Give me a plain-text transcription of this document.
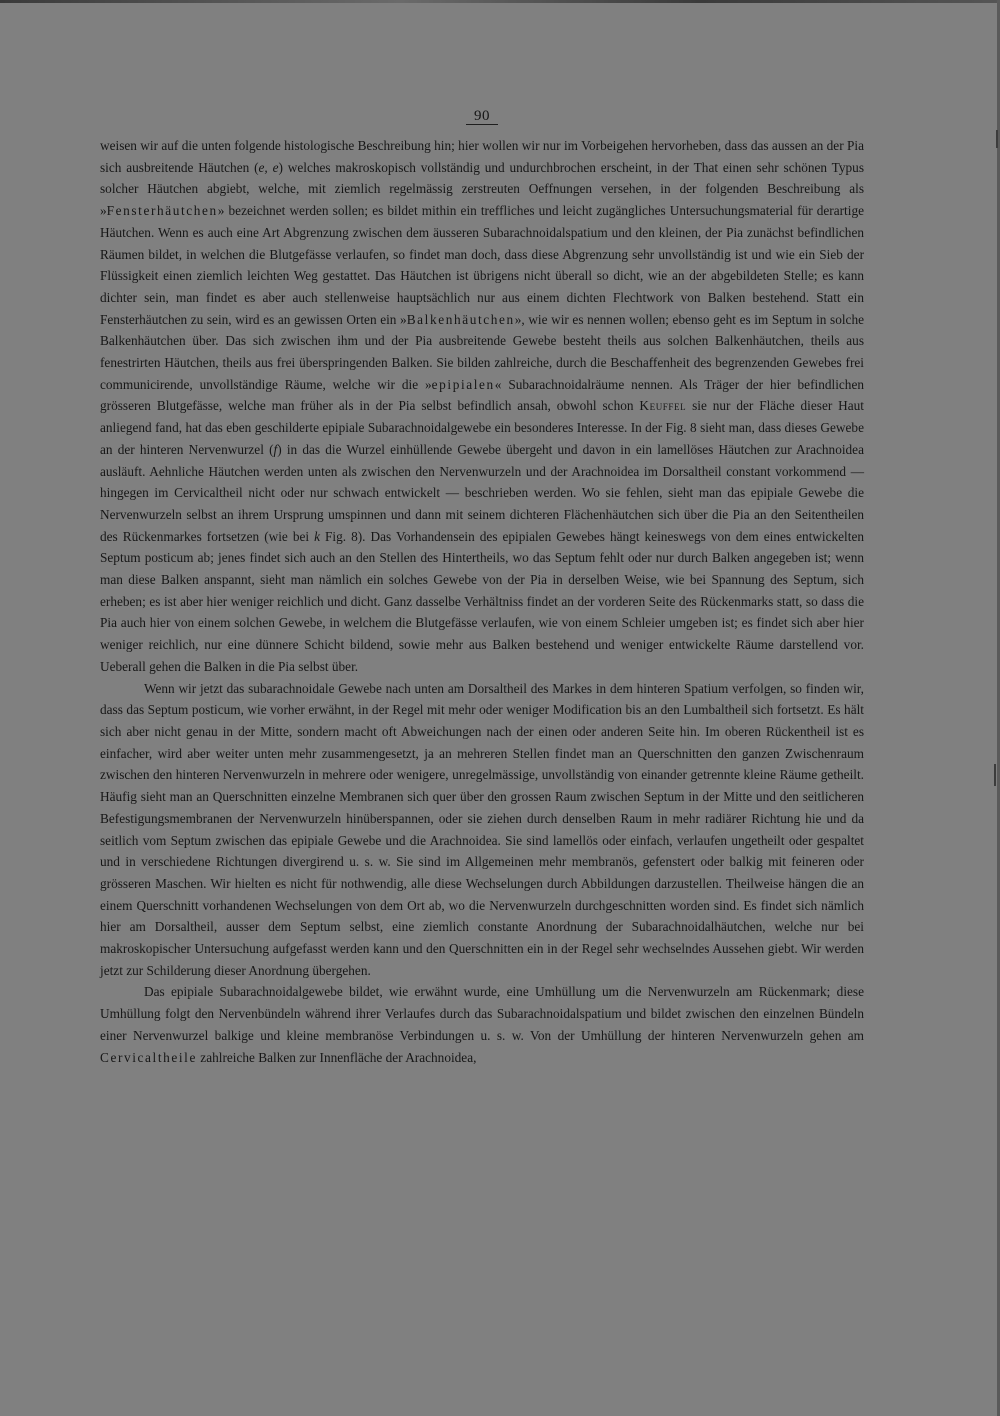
90

weisen wir auf die unten folgende histologische Beschreibung hin; hier wollen wir nur im Vorbeigehen hervorheben, dass das aussen an der Pia sich ausbreitende Häutchen (e, e) welches makroskopisch vollständig und undurchbrochen erscheint, in der That einen sehr schönen Typus solcher Häutchen abgiebt, welche, mit ziemlich regelmässig zerstreuten Oeffnungen versehen, in der folgenden Beschreibung als »Fensterhäutchen» bezeichnet werden sollen; es bildet mithin ein treffliches und leicht zugängliches Untersuchungsmaterial für derartige Häutchen. Wenn es auch eine Art Abgrenzung zwischen dem äusseren Subarachnoidalspatium und den kleinen, der Pia zunächst befindlichen Räumen bildet, in welchen die Blutgefässe verlaufen, so findet man doch, dass diese Abgrenzung sehr unvollständig ist und wie ein Sieb der Flüssigkeit einen ziemlich leichten Weg gestattet. Das Häutchen ist übrigens nicht überall so dicht, wie an der abgebildeten Stelle; es kann dichter sein, man findet es aber auch stellenweise hauptsächlich nur aus einem dichten Flechtwork von Balken bestehend. Statt ein Fensterhäutchen zu sein, wird es an gewissen Orten ein »Balkenhäutchen», wie wir es nennen wollen; ebenso geht es im Septum in solche Balkenhäutchen über. Das sich zwischen ihm und der Pia ausbreitende Gewebe besteht theils aus solchen Balkenhäutchen, theils aus fenestrirten Häutchen, theils aus frei überspringenden Balken. Sie bilden zahlreiche, durch die Beschaffenheit des begrenzenden Gewebes frei communicirende, unvollständige Räume, welche wir die »epipialen« Subarachnoidalräume nennen. Als Träger der hier befindlichen grösseren Blutgefässe, welche man früher als in der Pia selbst befindlich ansah, obwohl schon Keuffel sie nur der Fläche dieser Haut anliegend fand, hat das eben geschilderte epipiale Subarachnoidalgewebe ein besonderes Interesse. In der Fig. 8 sieht man, dass dieses Gewebe an der hinteren Nervenwurzel (f) in das die Wurzel einhüllende Gewebe übergeht und davon in ein lamellöses Häutchen zur Arachnoidea ausläuft. Aehnliche Häutchen werden unten als zwischen den Nervenwurzeln und der Arachnoidea im Dorsaltheil constant vorkommend — hingegen im Cervicaltheil nicht oder nur schwach entwickelt — beschrieben werden. Wo sie fehlen, sieht man das epipiale Gewebe die Nervenwurzeln selbst an ihrem Ursprung umspinnen und dann mit seinem dichteren Flächenhäutchen sich über die Pia an den Seitentheilen des Rückenmarkes fortsetzen (wie bei k Fig. 8). Das Vorhandensein des epipialen Gewebes hängt keineswegs von dem eines entwickelten Septum posticum ab; jenes findet sich auch an den Stellen des Hintertheils, wo das Septum fehlt oder nur durch Balken angegeben ist; wenn man diese Balken anspannt, sieht man nämlich ein solches Gewebe von der Pia in derselben Weise, wie bei Spannung des Septum, sich erheben; es ist aber hier weniger reichlich und dicht. Ganz dasselbe Verhältniss findet an der vorderen Seite des Rückenmarks statt, so dass die Pia auch hier von einem solchen Gewebe, in welchem die Blutgefässe verlaufen, wie von einem Schleier umgeben ist; es findet sich aber hier weniger reichlich, nur eine dünnere Schicht bildend, sowie mehr aus Balken bestehend und weniger entwickelte Räume darstellend vor. Ueberall gehen die Balken in die Pia selbst über.

Wenn wir jetzt das subarachnoidale Gewebe nach unten am Dorsaltheil des Markes in dem hinteren Spatium verfolgen, so finden wir, dass das Septum posticum, wie vorher erwähnt, in der Regel mit mehr oder weniger Modification bis an den Lumbaltheil sich fortsetzt. Es hält sich aber nicht genau in der Mitte, sondern macht oft Abweichungen nach der einen oder anderen Seite hin. Im oberen Rückentheil ist es einfacher, wird aber weiter unten mehr zusammengesetzt, ja an mehreren Stellen findet man an Querschnitten den ganzen Zwischenraum zwischen den hinteren Nervenwurzeln in mehrere oder wenigere, unregelmässige, unvollständig von einander getrennte kleine Räume getheilt. Häufig sieht man an Querschnitten einzelne Membranen sich quer über den grossen Raum zwischen Septum in der Mitte und den seitlicheren Befestigungsmembranen der Nervenwurzeln hinüberspannen, oder sie ziehen durch denselben Raum in mehr radiärer Richtung hie und da seitlich vom Septum zwischen das epipiale Gewebe und die Arachnoidea. Sie sind lamellös oder einfach, verlaufen ungetheilt oder gespaltet und in verschiedene Richtungen divergirend u. s. w. Sie sind im Allgemeinen mehr membranös, gefenstert oder balkig mit feineren oder grösseren Maschen. Wir hielten es nicht für nothwendig, alle diese Wechselungen durch Abbildungen darzustellen. Theilweise hängen die an einem Querschnitt vorhandenen Wechselungen von dem Ort ab, wo die Nervenwurzeln durchgeschnitten worden sind. Es findet sich nämlich hier am Dorsaltheil, ausser dem Septum selbst, eine ziemlich constante Anordnung der Subarachnoidalhäutchen, welche nur bei makroskopischer Untersuchung aufgefasst werden kann und den Querschnitten ein in der Regel sehr wechselndes Aussehen giebt. Wir werden jetzt zur Schilderung dieser Anordnung übergehen.

Das epipiale Subarachnoidalgewebe bildet, wie erwähnt wurde, eine Umhüllung um die Nervenwurzeln am Rückenmark; diese Umhüllung folgt den Nervenbündeln während ihrer Verlaufes durch das Subarachnoidalspatium und bildet zwischen den einzelnen Bündeln einer Nervenwurzel balkige und kleine membranöse Verbindungen u. s. w. Von der Umhüllung der hinteren Nervenwurzeln gehen am Cervicaltheile zahlreiche Balken zur Innenfläche der Arachnoidea,
